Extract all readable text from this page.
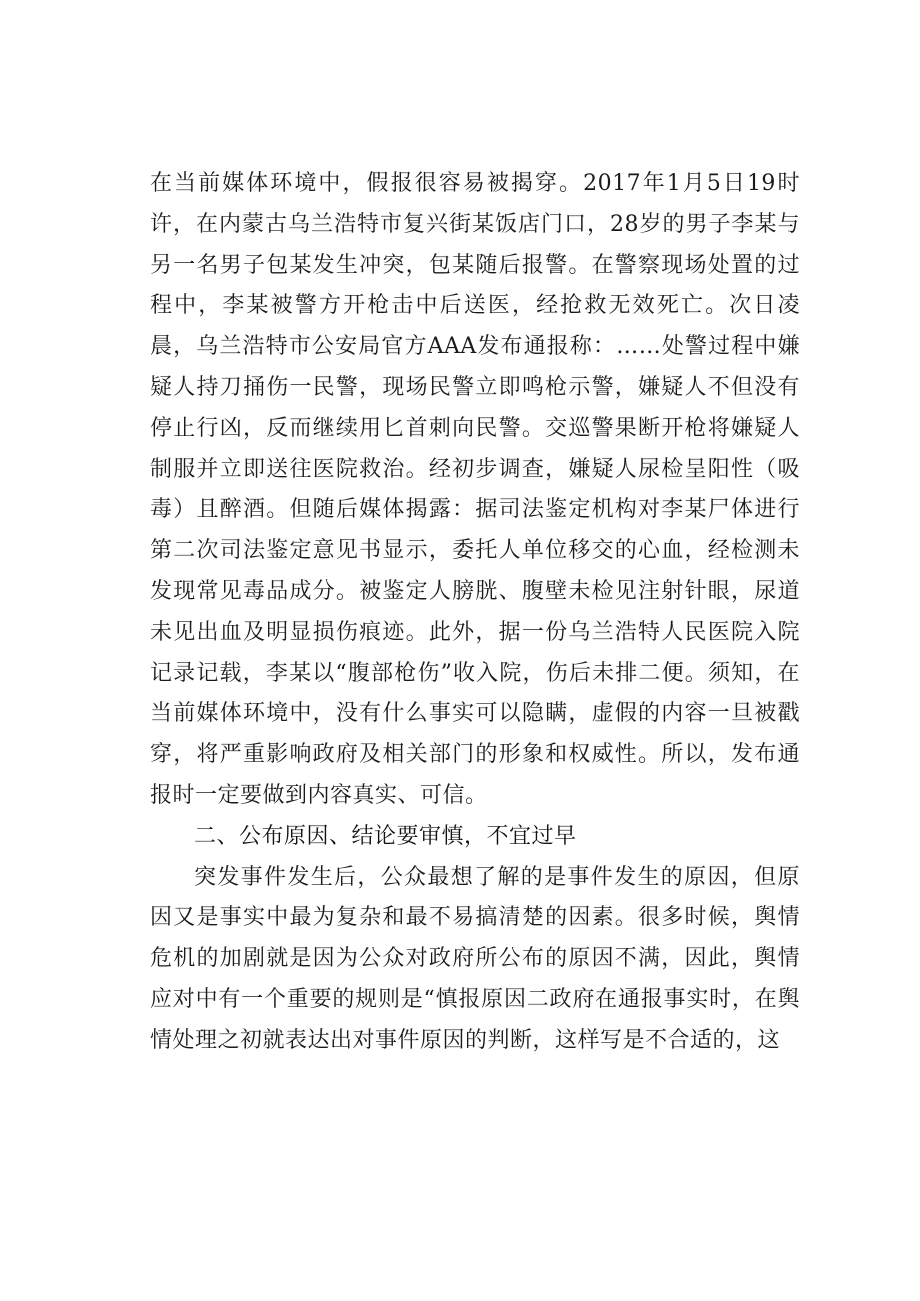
在当前媒体环境中，假报很容易被揭穿。2017年1月5日19时许，在内蒙古乌兰浩特市复兴街某饭店门口，28岁的男子李某与另一名男子包某发生冲突，包某随后报警。在警察现场处置的过程中，李某被警方开枪击中后送医，经抢救无效死亡。次日凌晨，乌兰浩特市公安局官方AAA发布通报称：……处警过程中嫌疑人持刀捅伤一民警，现场民警立即鸣枪示警，嫌疑人不但没有停止行凶，反而继续用匕首刺向民警。交巡警果断开枪将嫌疑人制服并立即送往医院救治。经初步调查，嫌疑人尿检呈阳性（吸毒）且醉酒。但随后媒体揭露：据司法鉴定机构对李某尸体进行第二次司法鉴定意见书显示，委托人单位移交的心血，经检测未发现常见毒品成分。被鉴定人膀胱、腹壁未检见注射针眼，尿道未见出血及明显损伤痕迹。此外，据一份乌兰浩特人民医院入院记录记载，李某以“腹部枪伤”收入院，伤后未排二便。须知，在当前媒体环境中，没有什么事实可以隐瞒，虚假的内容一旦被戳穿，将严重影响政府及相关部门的形象和权威性。所以，发布通报时一定要做到内容真实、可信。

二、公布原因、结论要审慎，不宜过早

突发事件发生后，公众最想了解的是事件发生的原因，但原因又是事实中最为复杂和最不易搞清楚的因素。很多时候，舆情危机的加剧就是因为公众对政府所公布的原因不满，因此，舆情应对中有一个重要的规则是“慎报原因二政府在通报事实时，在舆情处理之初就表达出对事件原因的判断，这样写是不合适的，这
